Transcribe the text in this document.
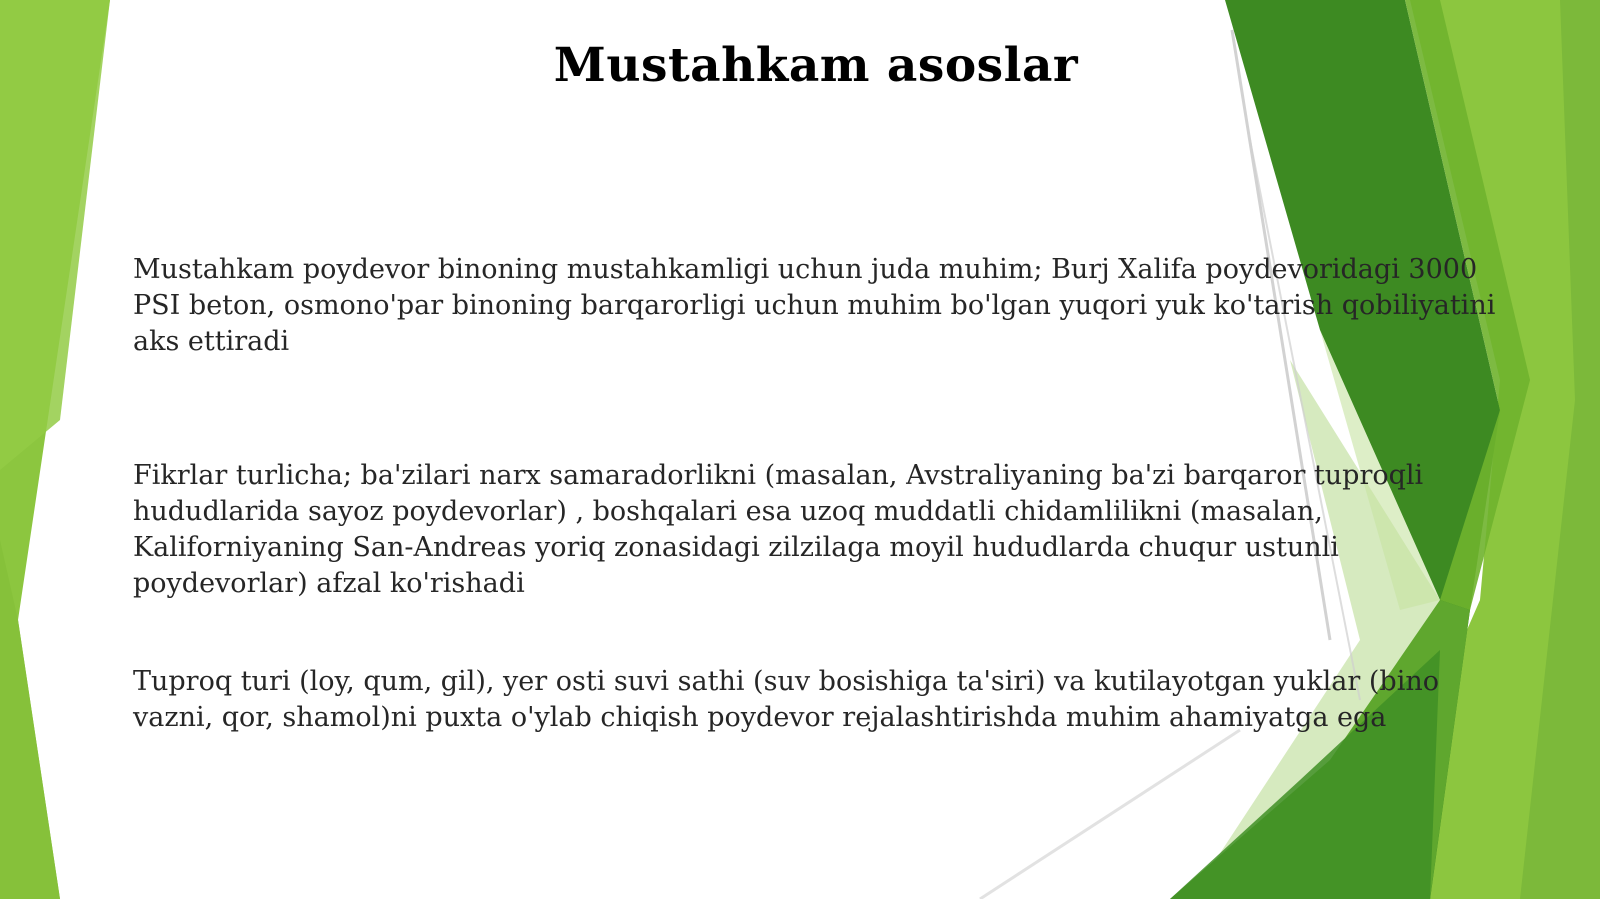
Mustahkam asoslar

Mustahkam poydevor binoning mustahkamligi uchun juda muhim; Burj Xalifa poydevoridagi 3000 PSI beton, osmono'par binoning barqarorligi uchun muhim bo'lgan yuqori yuk ko'tarish qobiliyatini aks ettiradi

Fikrlar turlicha; ba'zilari narx samaradorlikni (masalan, Avstraliyaning ba'zi barqaror tuproqli hududlarida sayoz poydevorlar) , boshqalari esa uzoq muddatli chidamlilikni (masalan, Kaliforniyaning San-Andreas yoriq zonasidagi zilzilaga moyil hududlarda chuqur ustunli poydevorlar) afzal ko'rishadi

Tuproq turi (loy, qum, gil), yer osti suvi sathi (suv bosishiga ta'siri) va kutilayotgan yuklar (bino vazni, qor, shamol)ni puxta o'ylab chiqish poydevor rejalashtirishda muhim ahamiyatga ega
